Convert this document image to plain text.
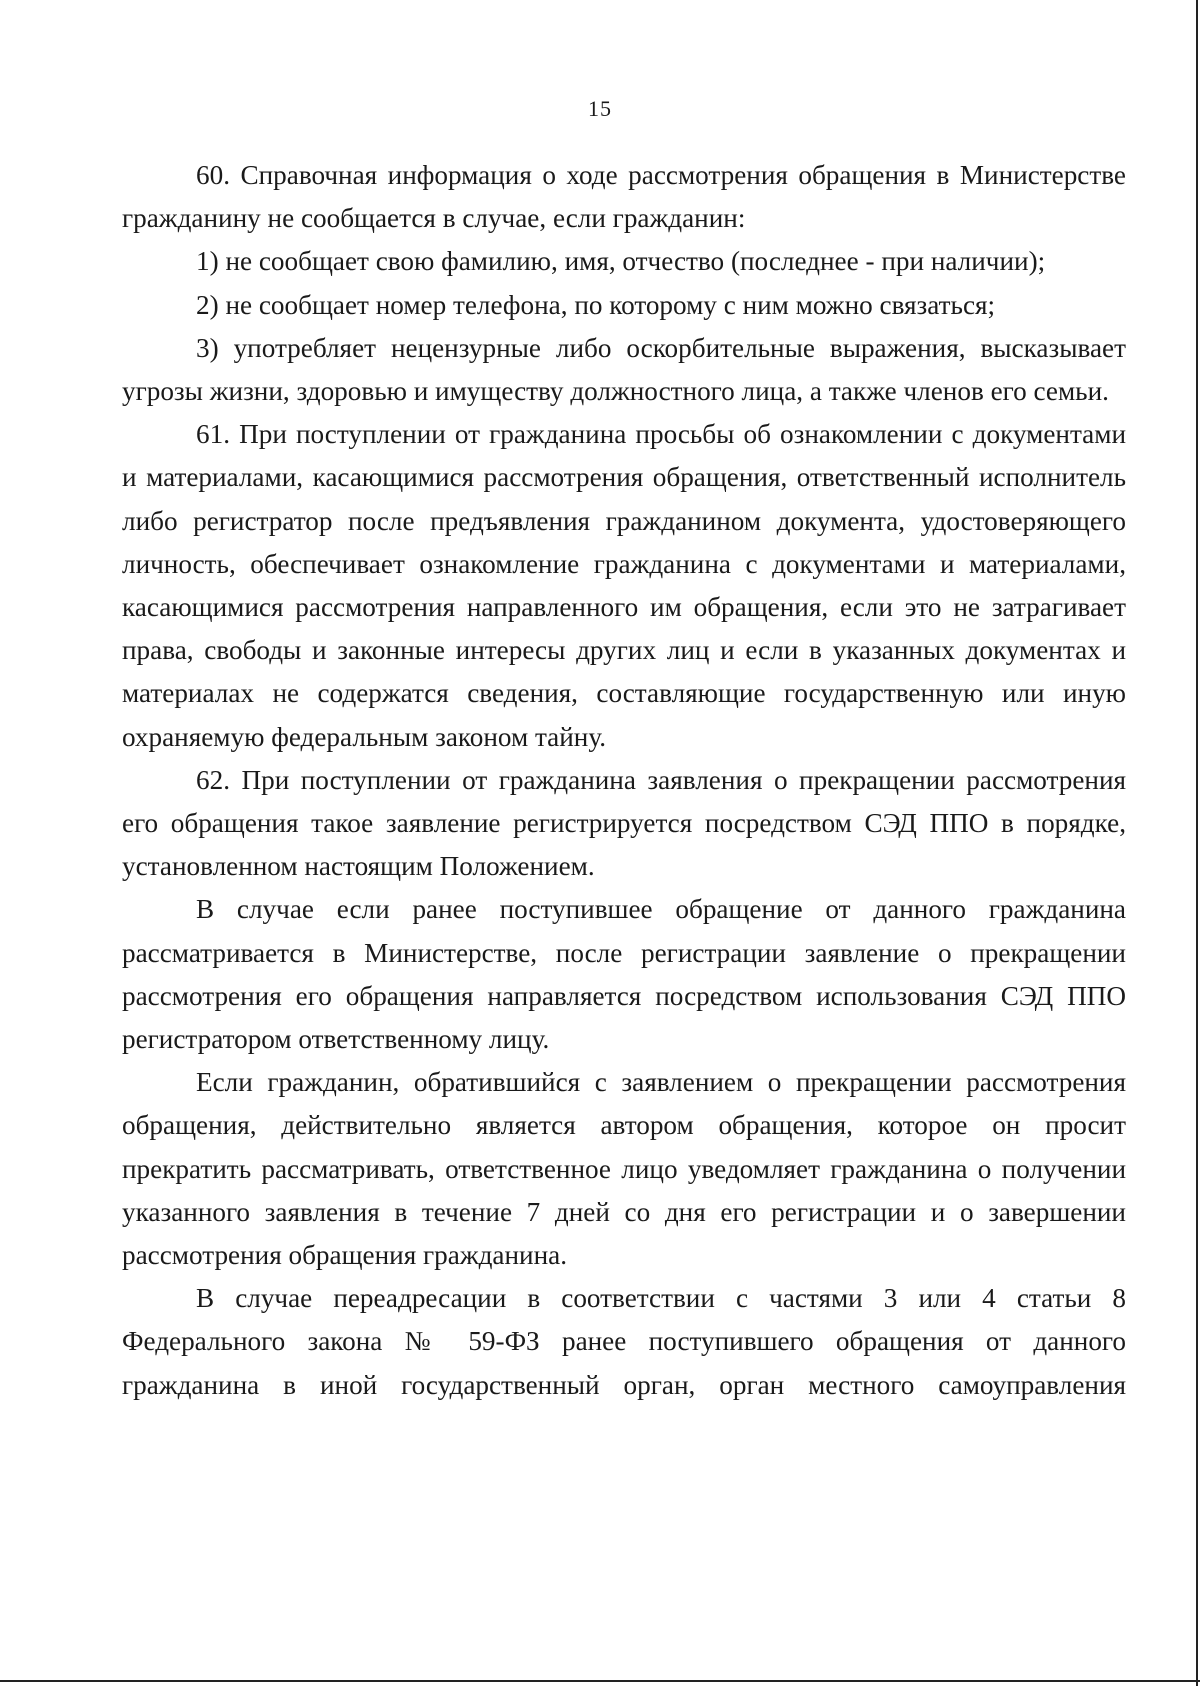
15

60. Справочная информация о ходе рассмотрения обращения в Министерстве гражданину не сообщается в случае, если гражданин:

1) не сообщает свою фамилию, имя, отчество (последнее - при наличии);

2) не сообщает номер телефона, по которому с ним можно связаться;

3) употребляет нецензурные либо оскорбительные выражения, высказывает угрозы жизни, здоровью и имуществу должностного лица, а также членов его семьи.

61. При поступлении от гражданина просьбы об ознакомлении с документами и материалами, касающимися рассмотрения обращения, ответственный исполнитель либо регистратор после предъявления гражданином документа, удостоверяющего личность, обеспечивает ознакомление гражданина с документами и материалами, касающимися рассмотрения направленного им обращения, если это не затрагивает права, свободы и законные интересы других лиц и если в указанных документах и материалах не содержатся сведения, составляющие государственную или иную охраняемую федеральным законом тайну.

62. При поступлении от гражданина заявления о прекращении рассмотрения его обращения такое заявление регистрируется посредством СЭД ППО в порядке, установленном настоящим Положением.

В случае если ранее поступившее обращение от данного гражданина рассматривается в Министерстве, после регистрации заявление о прекращении рассмотрения его обращения направляется посредством использования СЭД ППО регистратором ответственному лицу.

Если гражданин, обратившийся с заявлением о прекращении рассмотрения обращения, действительно является автором обращения, которое он просит прекратить рассматривать, ответственное лицо уведомляет гражданина о получении указанного заявления в течение 7 дней со дня его регистрации и о завершении рассмотрения обращения гражданина.

В случае переадресации в соответствии с частями 3 или 4 статьи 8 Федерального закона № 59-ФЗ ранее поступившего обращения от данного гражданина в иной государственный орган, орган местного самоуправления
